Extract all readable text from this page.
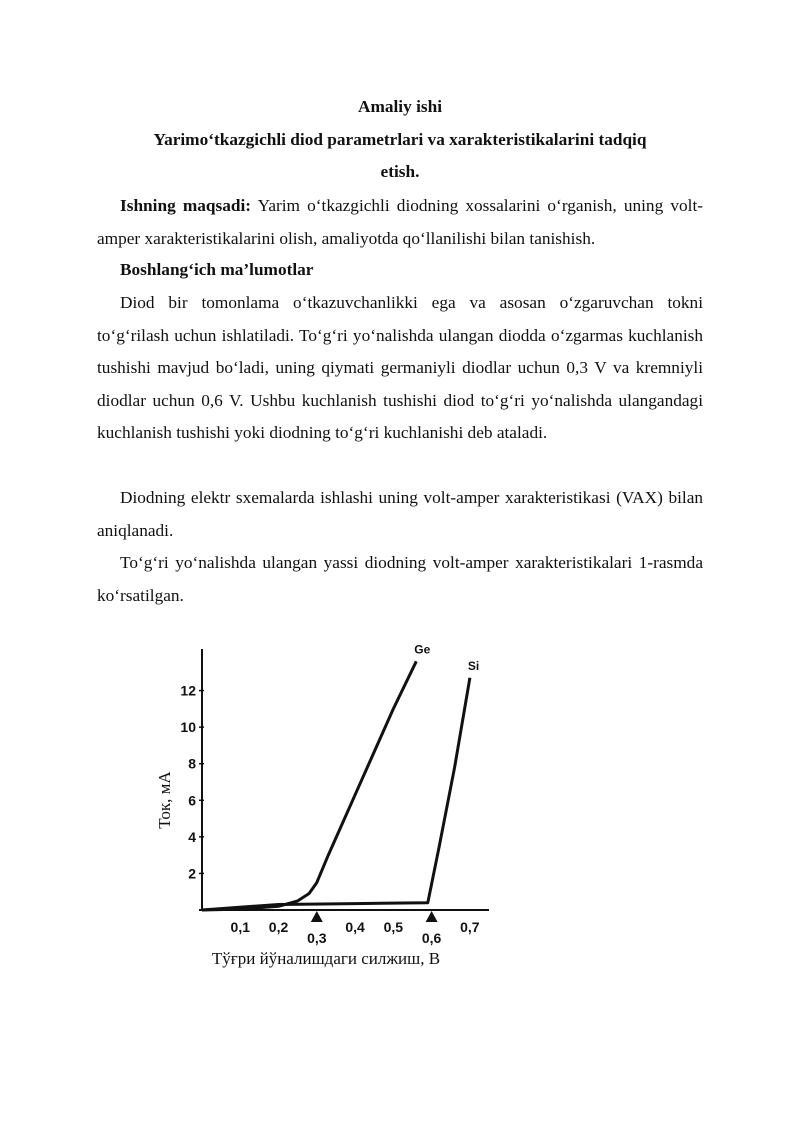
Amaliy ishi
Yarimo‘tkazgichli diod parametrlari va xarakteristikalarini tadqiq
etish.

Ishning maqsadi: Yarim o‘tkazgichli diodning xossalarini o‘rganish, uning volt-amper xarakteristikalarini olish, amaliyotda qo‘llanilishi bilan tanishish.

Boshlang‘ich ma’lumotlar

Diod bir tomonlama o‘tkazuvchanlikki ega va asosan o‘zgaruvchan tokni to‘g‘rilash uchun ishlatiladi. To‘g‘ri yo‘nalishda ulangan diodda o‘zgarmas kuchlanish tushishi mavjud bo‘ladi, uning qiymati germaniyli diodlar uchun 0,3 V va kremniyli diodlar uchun 0,6 V. Ushbu kuchlanish tushishi diod to‘g‘ri yo‘nalishda ulangandagi kuchlanish tushishi yoki diodning to‘g‘ri kuchlanishi deb ataladi.

Diodning elektr sxemalarda ishlashi uning volt-amper xarakteristikasi (VAX) bilan aniqlanadi.

To‘g‘ri yo‘nalishda ulangan yassi diodning volt-amper xarakteristikalari 1-rasmda ko‘rsatilgan.

2
4
6
8
10
12
0,1 0,2	0,4 0,5	0,7
0,3	0,6
Ge
Si
Ток, мА
Тўғри йўналишдаги силжиш, В
